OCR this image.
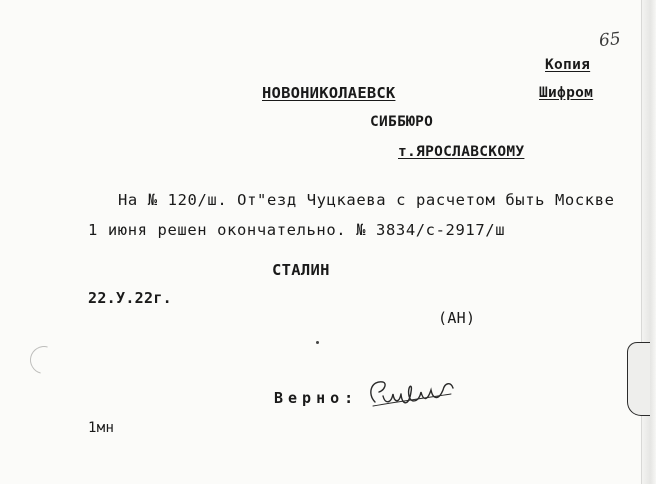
65
Копия
Шифром
НОВОНИКОЛАЕВСК
СИББЮРО
т.ЯРОСЛАВСКОМУ
На № 120/ш. От"езд Чуцкаева с расчетом быть Москве
1 июня решен окончательно. № 3834/с-2917/ш
СТАЛИН
22.У.22г.
(АН)
Верно:
1мн
